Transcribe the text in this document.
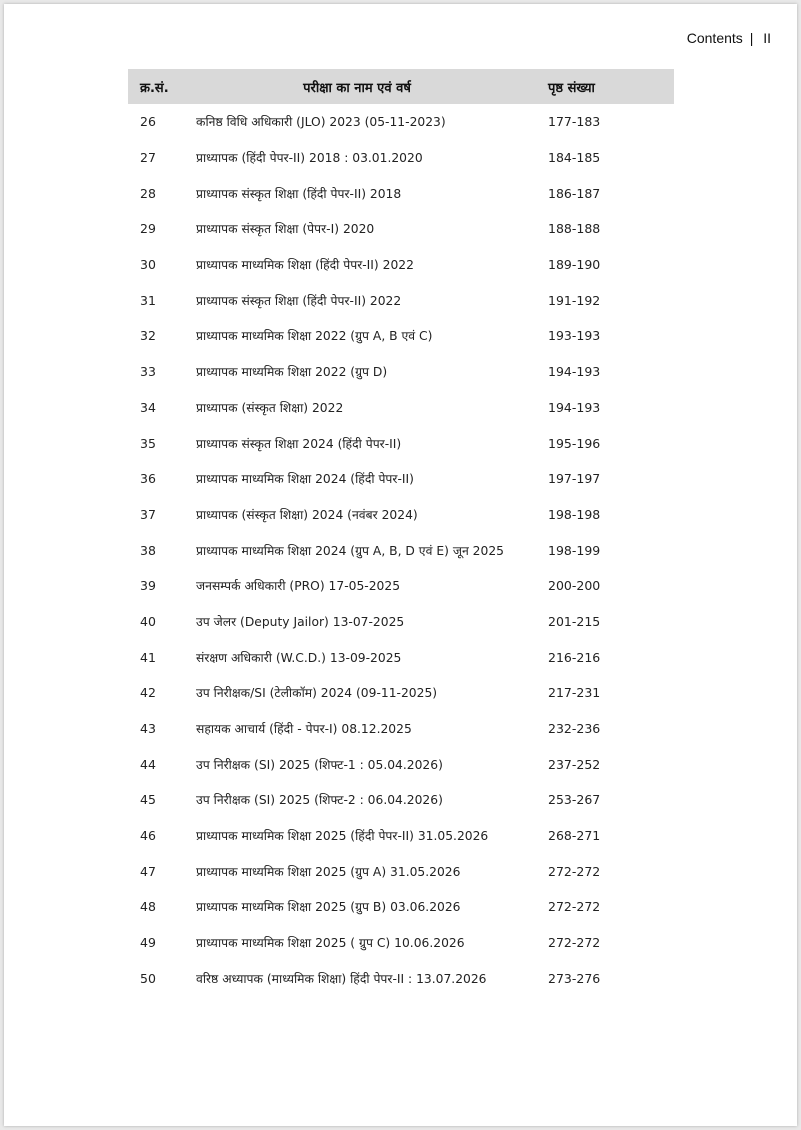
Contents | II
क्र.सं.	परीक्षा का नाम एवं वर्ष	पृष्ठ संख्या
26	कनिष्ठ विधि अधिकारी (JLO) 2023 (05-11-2023)	177-183
27	प्राध्यापक (हिंदी पेपर-II) 2018 : 03.01.2020	184-185
28	प्राध्यापक संस्कृत शिक्षा (हिंदी पेपर-II) 2018	186-187
29	प्राध्यापक संस्कृत शिक्षा (पेपर-I) 2020	188-188
30	प्राध्यापक माध्यमिक शिक्षा (हिंदी पेपर-II) 2022	189-190
31	प्राध्यापक संस्कृत शिक्षा (हिंदी पेपर-II) 2022	191-192
32	प्राध्यापक माध्यमिक शिक्षा 2022 (ग्रुप A, B एवं C)	193-193
33	प्राध्यापक माध्यमिक शिक्षा 2022 (ग्रुप D)	194-193
34	प्राध्यापक (संस्कृत शिक्षा) 2022	194-193
35	प्राध्यापक संस्कृत शिक्षा 2024 (हिंदी पेपर-II)	195-196
36	प्राध्यापक माध्यमिक शिक्षा 2024 (हिंदी पेपर-II)	197-197
37	प्राध्यापक (संस्कृत शिक्षा) 2024 (नवंबर 2024)	198-198
38	प्राध्यापक माध्यमिक शिक्षा 2024 (ग्रुप A, B, D एवं E) जून 2025	198-199
39	जनसम्पर्क अधिकारी (PRO) 17-05-2025	200-200
40	उप जेलर (Deputy Jailor) 13-07-2025	201-215
41	संरक्षण अधिकारी (W.C.D.) 13-09-2025	216-216
42	उप निरीक्षक/SI (टेलीकॉम) 2024 (09-11-2025)	217-231
43	सहायक आचार्य (हिंदी - पेपर-I) 08.12.2025	232-236
44	उप निरीक्षक (SI) 2025 (शिफ्ट-1 : 05.04.2026)	237-252
45	उप निरीक्षक (SI) 2025 (शिफ्ट-2 : 06.04.2026)	253-267
46	प्राध्यापक माध्यमिक शिक्षा 2025 (हिंदी पेपर-II) 31.05.2026	268-271
47	प्राध्यापक माध्यमिक शिक्षा 2025 (ग्रुप A) 31.05.2026	272-272
48	प्राध्यापक माध्यमिक शिक्षा 2025 (ग्रुप B) 03.06.2026	272-272
49	प्राध्यापक माध्यमिक शिक्षा 2025 ( ग्रुप C) 10.06.2026	272-272
50	वरिष्ठ अध्यापक (माध्यमिक शिक्षा) हिंदी पेपर-II : 13.07.2026	273-276
